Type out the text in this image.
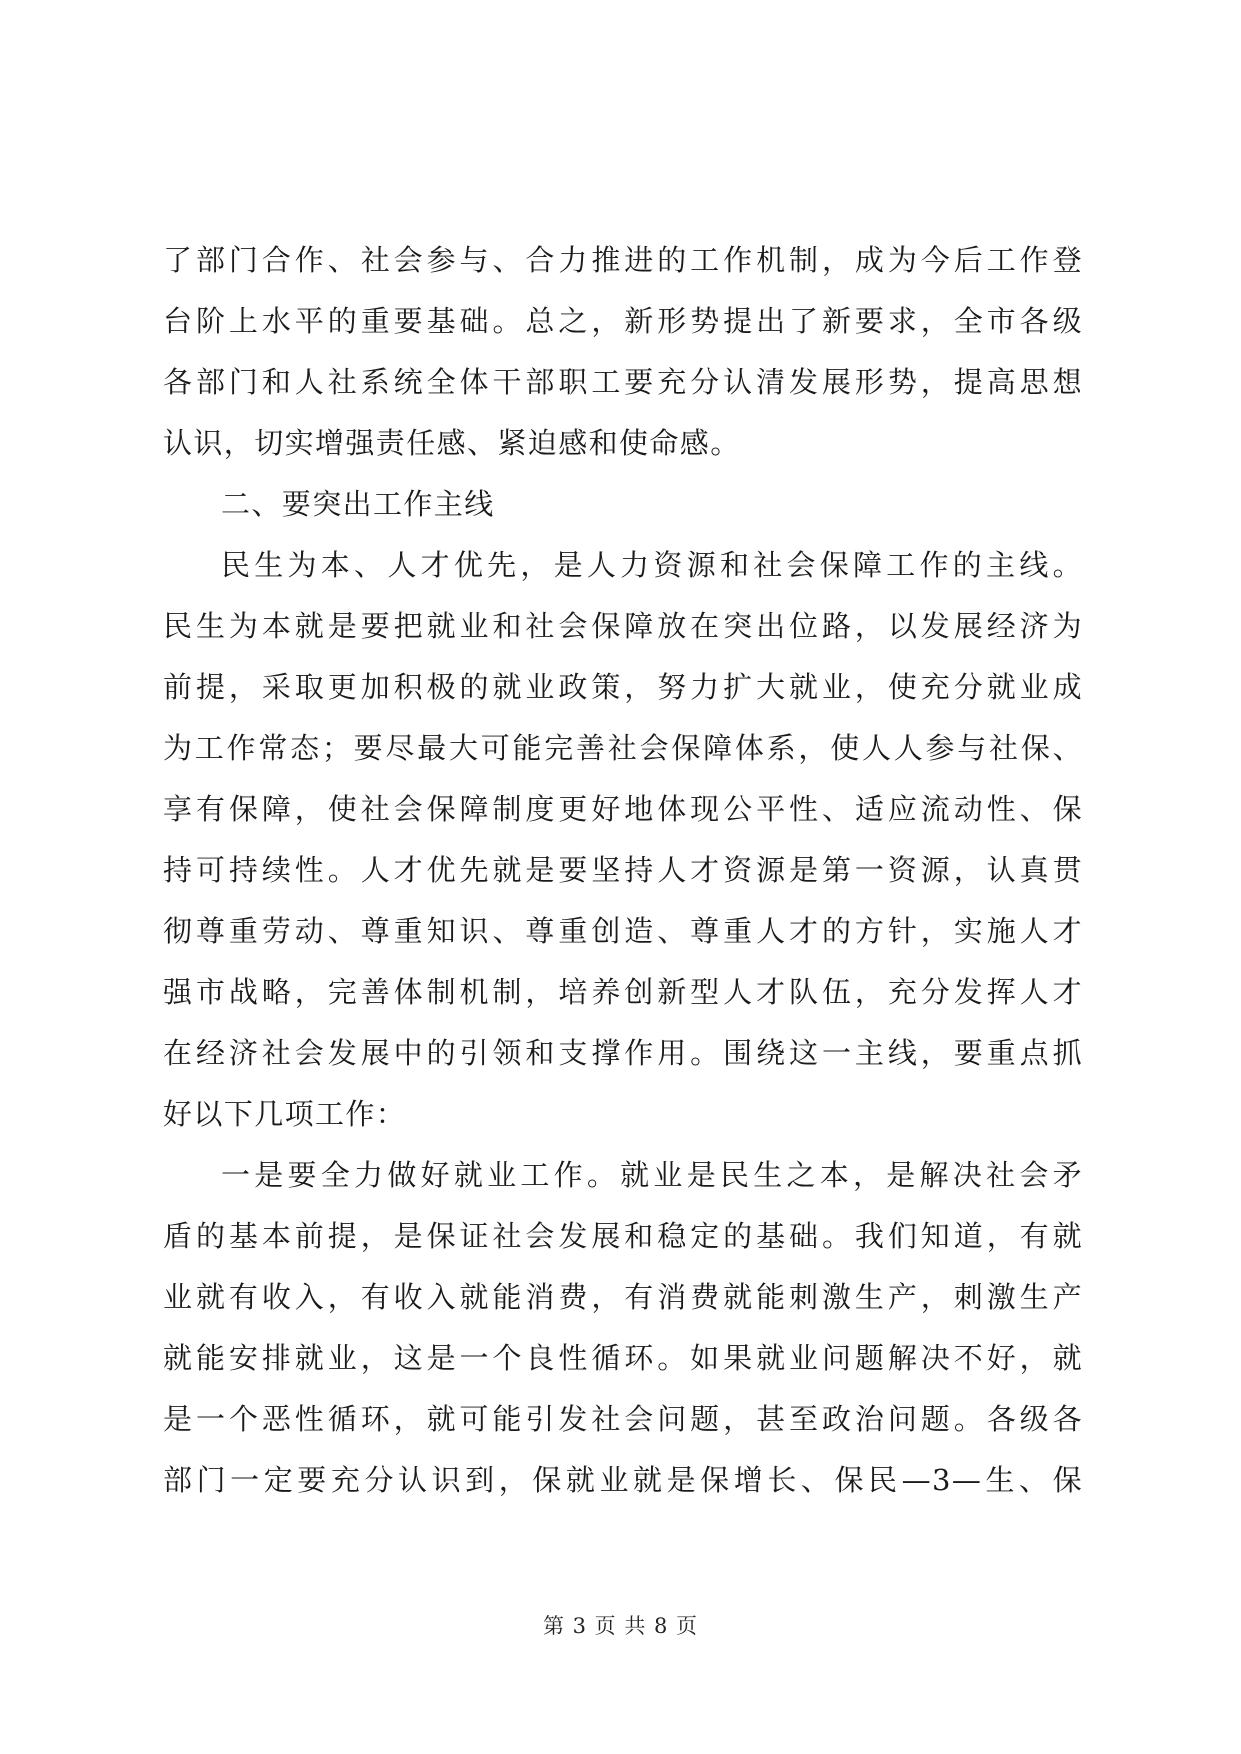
了部门合作、社会参与、合力推进的工作机制，成为今后工作登
台阶上水平的重要基础。总之，新形势提出了新要求，全市各级
各部门和人社系统全体干部职工要充分认清发展形势，提高思想
认识，切实增强责任感、紧迫感和使命感。
二、要突出工作主线
民生为本、人才优先，是人力资源和社会保障工作的主线。
民生为本就是要把就业和社会保障放在突出位路，以发展经济为
前提，采取更加积极的就业政策，努力扩大就业，使充分就业成
为工作常态；要尽最大可能完善社会保障体系，使人人参与社保、
享有保障，使社会保障制度更好地体现公平性、适应流动性、保
持可持续性。人才优先就是要坚持人才资源是第一资源，认真贯
彻尊重劳动、尊重知识、尊重创造、尊重人才的方针，实施人才
强市战略，完善体制机制，培养创新型人才队伍，充分发挥人才
在经济社会发展中的引领和支撑作用。围绕这一主线，要重点抓
好以下几项工作：
一是要全力做好就业工作。就业是民生之本，是解决社会矛
盾的基本前提，是保证社会发展和稳定的基础。我们知道，有就
业就有收入，有收入就能消费，有消费就能刺激生产，刺激生产
就能安排就业，这是一个良性循环。如果就业问题解决不好，就
是一个恶性循环，就可能引发社会问题，甚至政治问题。各级各
部门一定要充分认识到，保就业就是保增长、保民—3—生、保
第 3 页 共 8 页
